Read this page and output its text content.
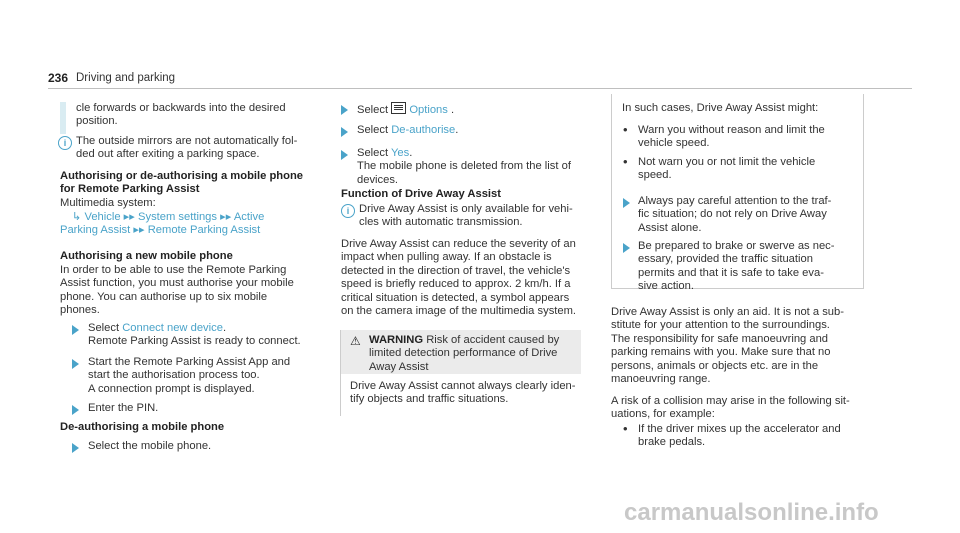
236 Driving and parking

cle forwards or backwards into the desired

position.

i The outside mirrors are not automatically fol-

ded out after exiting a parking space.

Authorising or de-authorising a mobile phone

for Remote Parking Assist

Multimedia system:

↳ Vehicle ▸▸ System settings ▸▸ Active

Parking Assist ▸▸ Remote Parking Assist

Authorising a new mobile phone

In order to be able to use the Remote Parking

Assist function, you must authorise your mobile

phone. You can authorise up to six mobile

phones.

Select Connect new device.

Remote Parking Assist is ready to connect.

Start the Remote Parking Assist App and

start the authorisation process too.

A connection prompt is displayed.

Enter the PIN.
De-authorising a mobile phone
Select the mobile phone.
Select  Options .
Select De-authorise.

Select Yes.

The mobile phone is deleted from the list of

devices.

Function of Drive Away Assist
i Drive Away Assist is only available for vehi-

cles with automatic transmission.

Drive Away Assist can reduce the severity of an

impact when pulling away. If an obstacle is

detected in the direction of travel, the vehicle's

speed is briefly reduced to approx. 2 km/h. If a

critical situation is detected, a symbol appears

on the camera image of the multimedia system.

⚠ WARNING Risk of accident caused by

limited detection performance of Drive

Away Assist

Drive Away Assist cannot always clearly iden-

tify objects and traffic situations.

In such cases, Drive Away Assist might:
• Warn you without reason and limit the

vehicle speed.

• Not warn you or not limit the vehicle

speed.

Always pay careful attention to the traf-

fic situation; do not rely on Drive Away

Assist alone.

Be prepared to brake or swerve as nec-

essary, provided the traffic situation

permits and that it is safe to take eva-

sive action.

Drive Away Assist is only an aid. It is not a sub-

stitute for your attention to the surroundings.

The responsibility for safe manoeuvring and

parking remains with you. Make sure that no

persons, animals or objects etc. are in the

manoeuvring range.

A risk of a collision may arise in the following sit-

uations, for example:

• If the driver mixes up the accelerator and

brake pedals.

carmanualsonline.info
